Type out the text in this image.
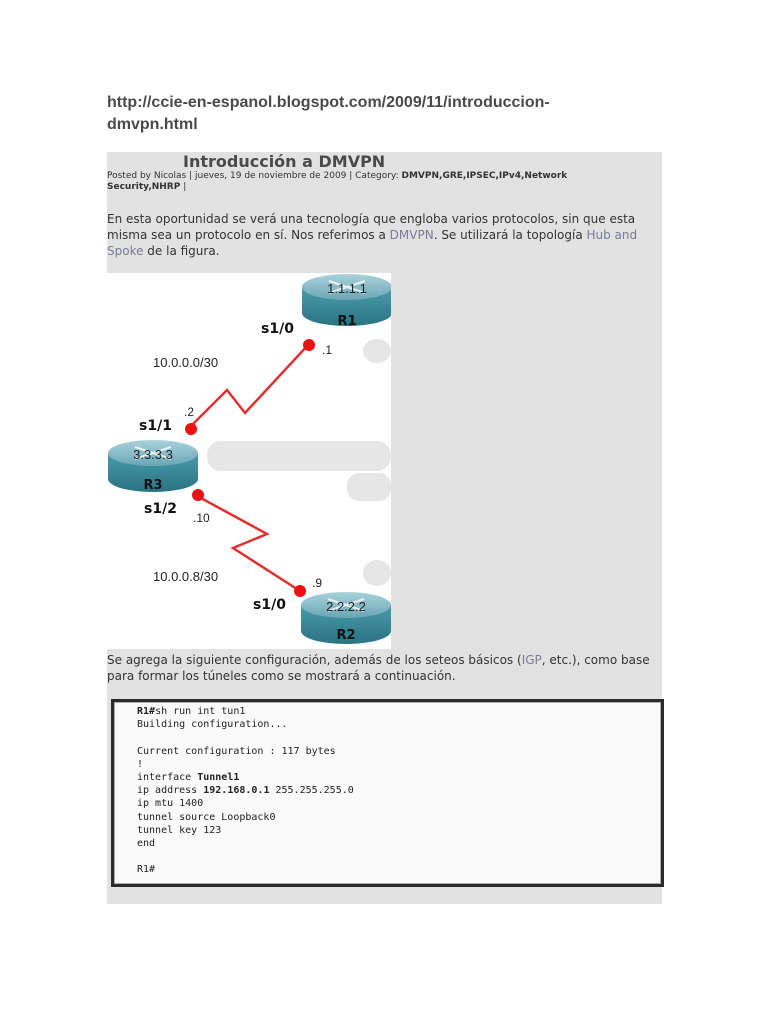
http://ccie-en-espanol.blogspot.com/2009/11/introduccion-dmvpn.html
Introducción a DMVPN
Posted by Nicolas | jueves, 19 de noviembre de 2009 | Category: DMVPN,GRE,IPSEC,IPv4,Network Security,NHRP |
En esta oportunidad se verá una tecnología que engloba varios protocolos, sin que esta misma sea un protocolo en sí. Nos referimos a DMVPN. Se utilizará la topología Hub and Spoke de la figura.
1.1.1.1
R1
3.3.3.3
R3
2.2.2.2
R2
s1/0
s1/1
s1/2
s1/0
.1
.2
.10
.9
10.0.0.0/30
10.0.0.8/30
Se agrega la siguiente configuración, además de los seteos básicos (IGP, etc.), como base para formar los túneles como se mostrará a continuación.
R1#sh run int tun1
Building configuration...

Current configuration : 117 bytes
!
interface Tunnel1
ip address 192.168.0.1 255.255.255.0
ip mtu 1400
tunnel source Loopback0
tunnel key 123
end

R1#
